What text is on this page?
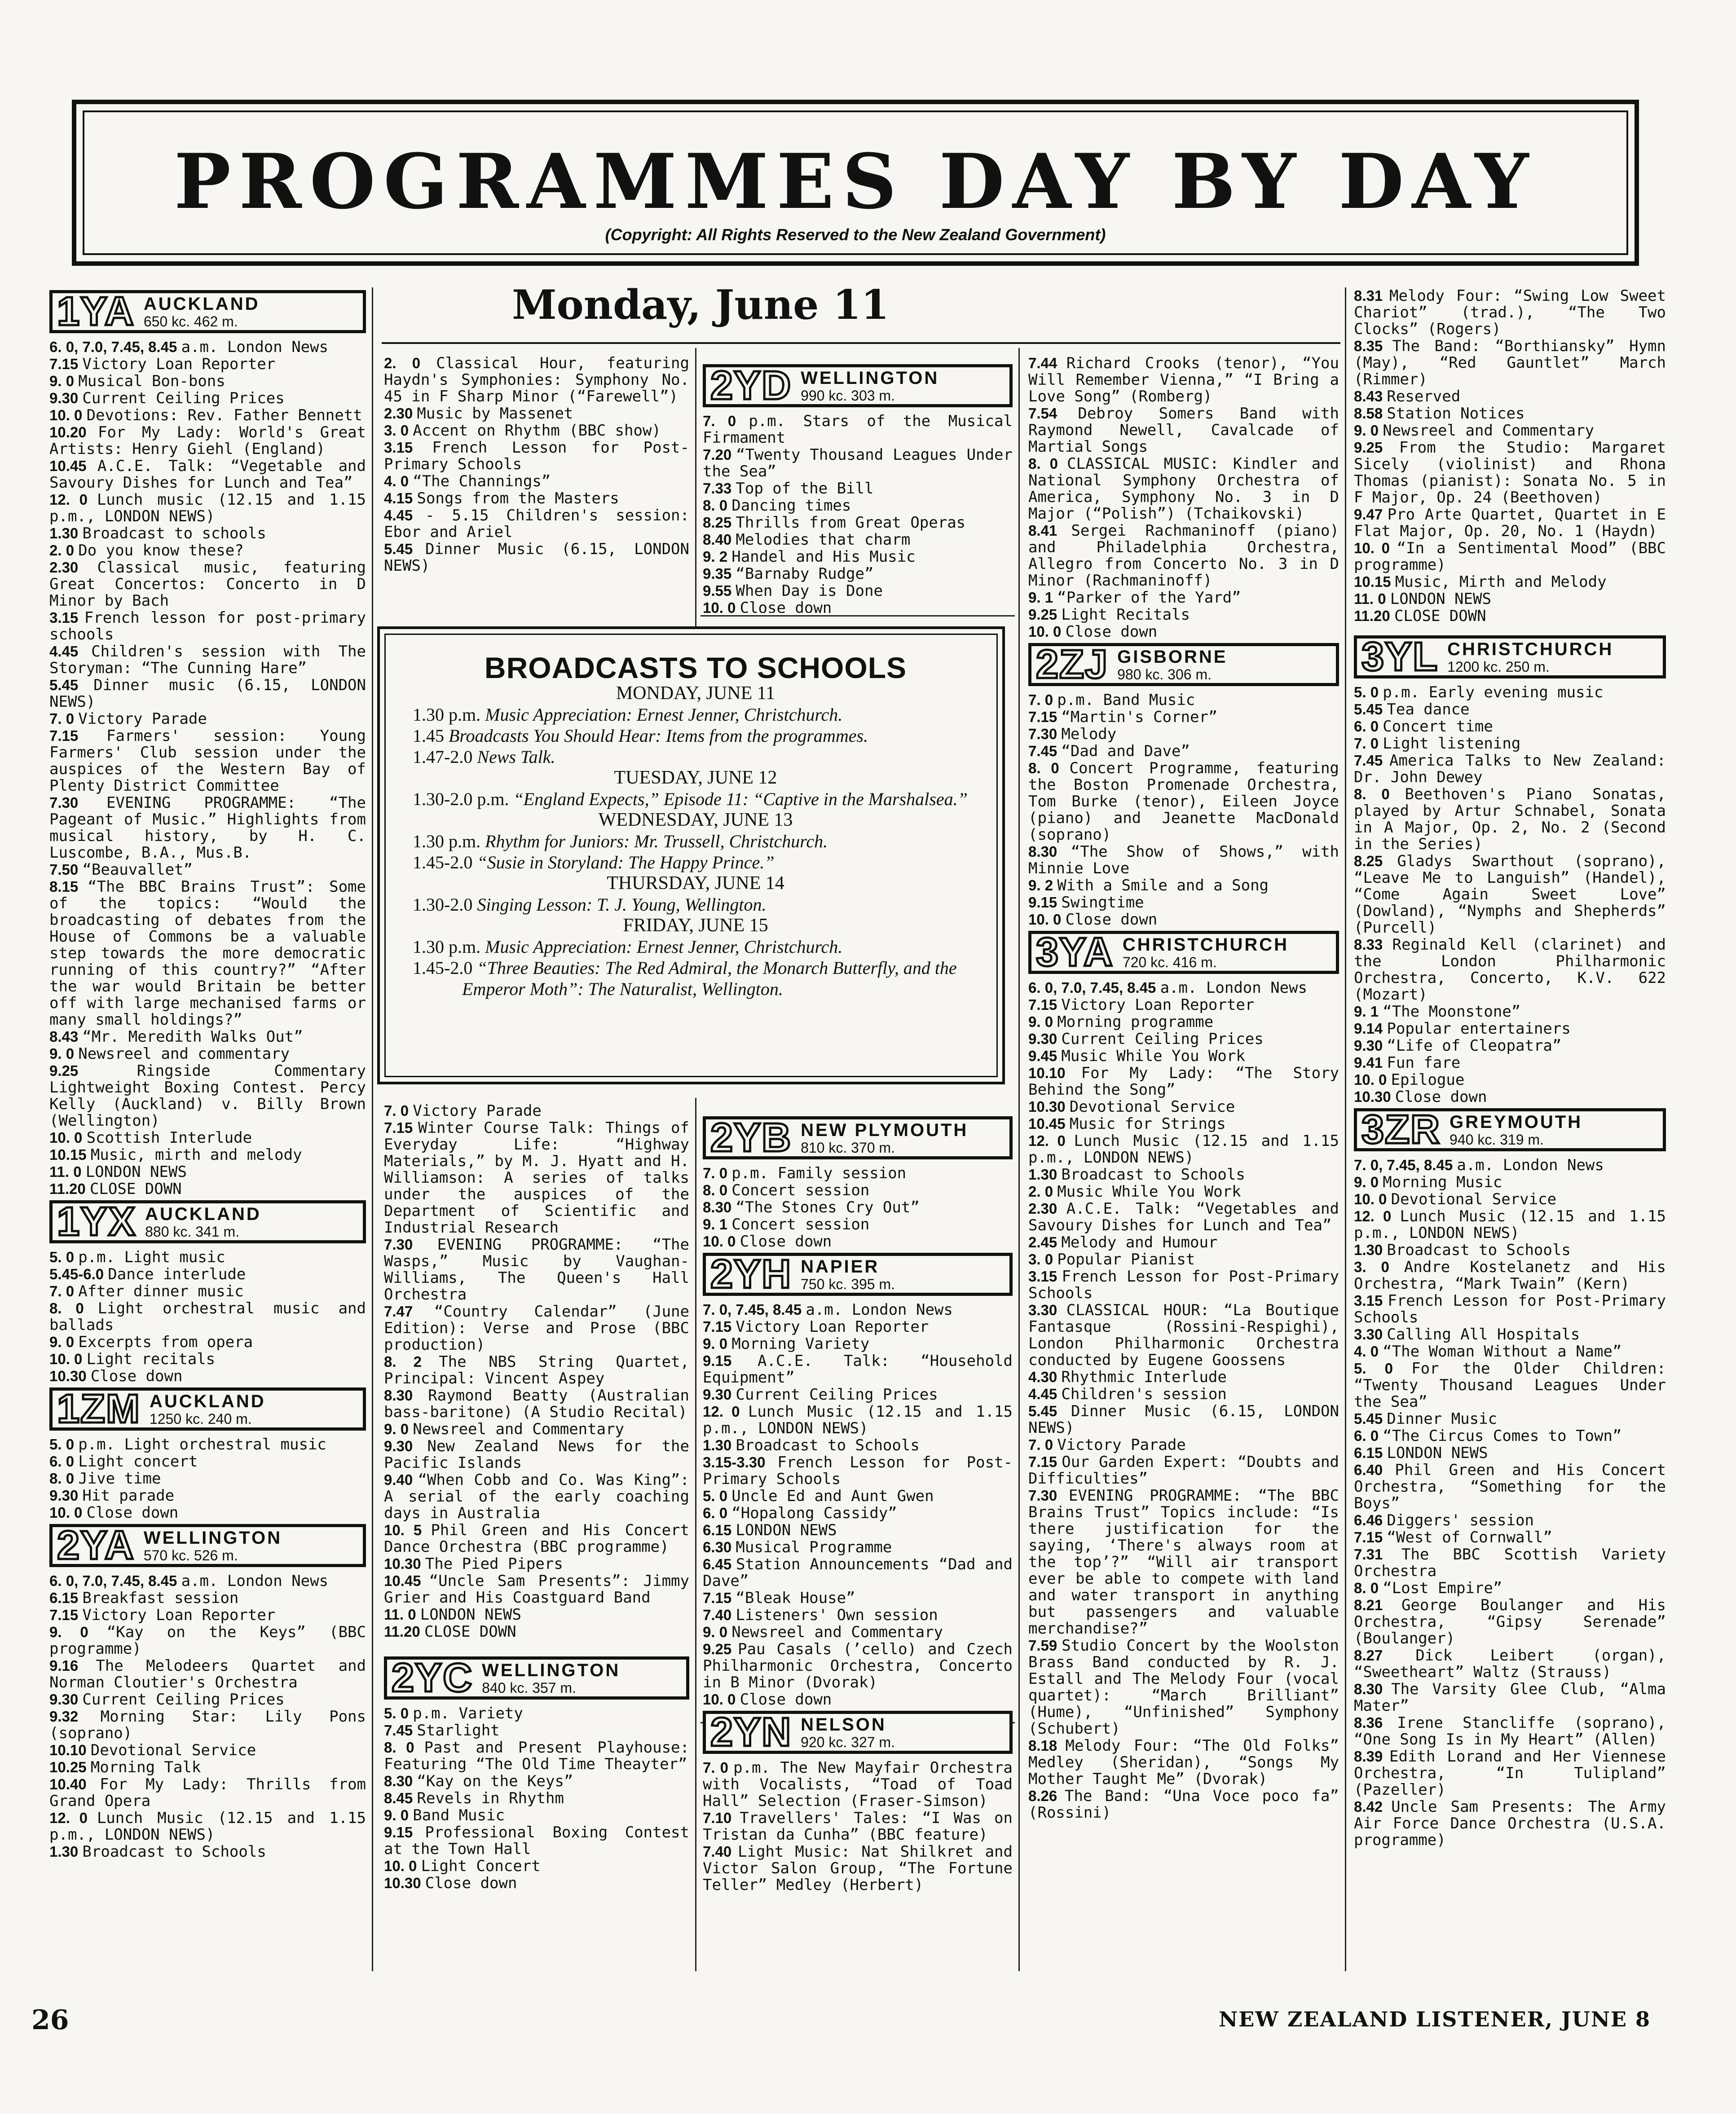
PROGRAMMES DAY BY DAY
(Copyright: All Rights Reserved to the New Zealand Government)
Monday, June 11
1YA AUCKLAND
650 kc. 462 m.

6. 0, 7.0, 7.45, 8.45 a.m. London News

7.15 Victory Loan Reporter

9. 0 Musical Bon-bons

9.30 Current Ceiling Prices

10. 0 Devotions: Rev. Father Bennett

10.20 For My Lady: World's Great Artists: Henry Giehl (England)

10.45 A.C.E. Talk: “Vegetable and Savoury Dishes for Lunch and Tea”

12. 0 Lunch music (12.15 and 1.15 p.m., LONDON NEWS)

1.30 Broadcast to schools

2. 0 Do you know these?

2.30 Classical music, featuring Great Concertos: Concerto in D Minor by Bach

3.15 French lesson for post-primary schools

4.45 Children's session with The Storyman: “The Cunning Hare”

5.45 Dinner music (6.15, LONDON NEWS)

7. 0 Victory Parade

7.15 Farmers' session: Young Farmers' Club session under the auspices of the Western Bay of Plenty District Committee

7.30 EVENING PROGRAMME: “The Pageant of Music.” Highlights from musical history, by H. C. Luscombe, B.A., Mus.B.

7.50 “Beauvallet”

8.15 “The BBC Brains Trust”: Some of the topics: “Would the broadcasting of debates from the House of Commons be a valuable step towards the more democratic running of this country?” “After the war would Britain be better off with large mechanised farms or many small holdings?”

8.43 “Mr. Meredith Walks Out”

9. 0 Newsreel and commentary

9.25 Ringside Commentary Lightweight Boxing Contest. Percy Kelly (Auckland) v. Billy Brown (Wellington)

10. 0 Scottish Interlude

10.15 Music, mirth and melody

11. 0 LONDON NEWS

11.20 CLOSE DOWN

1YX AUCKLAND
880 kc. 341 m.

5. 0 p.m. Light music

5.45-6.0 Dance interlude

7. 0 After dinner music

8. 0 Light orchestral music and ballads

9. 0 Excerpts from opera

10. 0 Light recitals

10.30 Close down

1ZM AUCKLAND
1250 kc. 240 m.

5. 0 p.m. Light orchestral music

6. 0 Light concert

8. 0 Jive time

9.30 Hit parade

10. 0 Close down

2YA WELLINGTON
570 kc. 526 m.

6. 0, 7.0, 7.45, 8.45 a.m. London News

6.15 Breakfast session

7.15 Victory Loan Reporter

9. 0 “Kay on the Keys” (BBC programme)

9.16 The Melodeers Quartet and Norman Cloutier's Orchestra

9.30 Current Ceiling Prices

9.32 Morning Star: Lily Pons (soprano)

10.10 Devotional Service

10.25 Morning Talk

10.40 For My Lady: Thrills from Grand Opera

12. 0 Lunch Music (12.15 and 1.15 p.m., LONDON NEWS)

1.30 Broadcast to Schools

2. 0 Classical Hour, featuring Haydn's Symphonies: Symphony No. 45 in F Sharp Minor (“Farewell”)

2.30 Music by Massenet

3. 0 Accent on Rhythm (BBC show)

3.15 French Lesson for Post-Primary Schools

4. 0 “The Channings”

4.15 Songs from the Masters

4.45 - 5.15 Children's session: Ebor and Ariel

5.45 Dinner Music (6.15, LONDON NEWS)

2YD WELLINGTON
990 kc. 303 m.

7. 0 p.m. Stars of the Musical Firmament

7.20 “Twenty Thousand Leagues Under the Sea”

7.33 Top of the Bill

8. 0 Dancing times

8.25 Thrills from Great Operas

8.40 Melodies that charm

9. 2 Handel and His Music

9.35 “Barnaby Rudge”

9.55 When Day is Done

10. 0 Close down

BROADCASTS TO SCHOOLS
MONDAY, JUNE 11
1.30 p.m. Music Appreciation: Ernest Jenner, Christchurch.
1.45 Broadcasts You Should Hear: Items from the programmes.
1.47-2.0 News Talk.
TUESDAY, JUNE 12
1.30-2.0 p.m. “England Expects,” Episode 11: “Captive in the Marshalsea.”
WEDNESDAY, JUNE 13
1.30 p.m. Rhythm for Juniors: Mr. Trussell, Christchurch.
1.45-2.0 “Susie in Storyland: The Happy Prince.”
THURSDAY, JUNE 14
1.30-2.0 Singing Lesson: T. J. Young, Wellington.
FRIDAY, JUNE 15
1.30 p.m. Music Appreciation: Ernest Jenner, Christchurch.
1.45-2.0 “Three Beauties: The Red Admiral, the Monarch Butterfly, and the Emperor Moth”: The Naturalist, Wellington.

7. 0 Victory Parade

7.15 Winter Course Talk: Things of Everyday Life: “Highway Materials,” by M. J. Hyatt and H. Williamson: A series of talks under the auspices of the Department of Scientific and Industrial Research

7.30 EVENING PROGRAMME: “The Wasps,” Music by Vaughan-Williams, The Queen's Hall Orchestra

7.47 “Country Calendar” (June Edition): Verse and Prose (BBC production)

8. 2 The NBS String Quartet, Principal: Vincent Aspey

8.30 Raymond Beatty (Australian bass-baritone) (A Studio Recital)

9. 0 Newsreel and Commentary

9.30 New Zealand News for the Pacific Islands

9.40 “When Cobb and Co. Was King”: A serial of the early coaching days in Australia

10. 5 Phil Green and His Concert Dance Orchestra (BBC programme)

10.30 The Pied Pipers

10.45 “Uncle Sam Presents”: Jimmy Grier and His Coastguard Band

11. 0 LONDON NEWS

11.20 CLOSE DOWN

2YC WELLINGTON
840 kc. 357 m.

5. 0 p.m. Variety

7.45 Starlight

8. 0 Past and Present Playhouse: Featuring “The Old Time Theayter”

8.30 “Kay on the Keys”

8.45 Revels in Rhythm

9. 0 Band Music

9.15 Professional Boxing Contest at the Town Hall

10. 0 Light Concert

10.30 Close down

2YB NEW PLYMOUTH
810 kc. 370 m.

7. 0 p.m. Family session

8. 0 Concert session

8.30 “The Stones Cry Out”

9. 1 Concert session

10. 0 Close down

2YH NAPIER
750 kc. 395 m.

7. 0, 7.45, 8.45 a.m. London News

7.15 Victory Loan Reporter

9. 0 Morning Variety

9.15 A.C.E. Talk: “Household Equipment”

9.30 Current Ceiling Prices

12. 0 Lunch Music (12.15 and 1.15 p.m., LONDON NEWS)

1.30 Broadcast to Schools

3.15-3.30 French Lesson for Post-Primary Schools

5. 0 Uncle Ed and Aunt Gwen

6. 0 “Hopalong Cassidy”

6.15 LONDON NEWS

6.30 Musical Programme

6.45 Station Announcements “Dad and Dave”

7.15 “Bleak House”

7.40 Listeners' Own session

9. 0 Newsreel and Commentary

9.25 Pau Casals (’cello) and Czech Philharmonic Orchestra, Concerto in B Minor (Dvorak)

10. 0 Close down

2YN NELSON
920 kc. 327 m.

7. 0 p.m. The New Mayfair Orchestra with Vocalists, “Toad of Toad Hall” Selection (Fraser-Simson)

7.10 Travellers' Tales: “I Was on Tristan da Cunha” (BBC feature)

7.40 Light Music: Nat Shilkret and Victor Salon Group, “The Fortune Teller” Medley (Herbert)

7.44 Richard Crooks (tenor), “You Will Remember Vienna,” “I Bring a Love Song” (Romberg)

7.54 Debroy Somers Band with Raymond Newell, Cavalcade of Martial Songs

8. 0 CLASSICAL MUSIC: Kindler and National Symphony Orchestra of America, Symphony No. 3 in D Major (“Polish”) (Tchaikovski)

8.41 Sergei Rachmaninoff (piano) and Philadelphia Orchestra, Allegro from Concerto No. 3 in D Minor (Rachmaninoff)

9. 1 “Parker of the Yard”

9.25 Light Recitals

10. 0 Close down

2ZJ GISBORNE
980 kc. 306 m.

7. 0 p.m. Band Music

7.15 “Martin's Corner”

7.30 Melody

7.45 “Dad and Dave”

8. 0 Concert Programme, featuring the Boston Promenade Orchestra, Tom Burke (tenor), Eileen Joyce (piano) and Jeanette MacDonald (soprano)

8.30 “The Show of Shows,” with Minnie Love

9. 2 With a Smile and a Song

9.15 Swingtime

10. 0 Close down

3YA CHRISTCHURCH
720 kc. 416 m.

6. 0, 7.0, 7.45, 8.45 a.m. London News

7.15 Victory Loan Reporter

9. 0 Morning programme

9.30 Current Ceiling Prices

9.45 Music While You Work

10.10 For My Lady: “The Story Behind the Song”

10.30 Devotional Service

10.45 Music for Strings

12. 0 Lunch Music (12.15 and 1.15 p.m., LONDON NEWS)

1.30 Broadcast to Schools

2. 0 Music While You Work

2.30 A.C.E. Talk: “Vegetables and Savoury Dishes for Lunch and Tea”

2.45 Melody and Humour

3. 0 Popular Pianist

3.15 French Lesson for Post-Primary Schools

3.30 CLASSICAL HOUR: “La Boutique Fantasque (Rossini-Respighi), London Philharmonic Orchestra conducted by Eugene Goossens

4.30 Rhythmic Interlude

4.45 Children's session

5.45 Dinner Music (6.15, LONDON NEWS)

7. 0 Victory Parade

7.15 Our Garden Expert: “Doubts and Difficulties”

7.30 EVENING PROGRAMME: “The BBC Brains Trust” Topics include: “Is there justification for the saying, ‘There's always room at the top’?” “Will air transport ever be able to compete with land and water transport in anything but passengers and valuable merchandise?”

7.59 Studio Concert by the Woolston Brass Band conducted by R. J. Estall and The Melody Four (vocal quartet): “March Brilliant” (Hume), “Unfinished” Symphony (Schubert)

8.18 Melody Four: “The Old Folks” Medley (Sheridan), “Songs My Mother Taught Me” (Dvorak)

8.26 The Band: “Una Voce poco fa” (Rossini)

8.31 Melody Four: “Swing Low Sweet Chariot” (trad.), “The Two Clocks” (Rogers)

8.35 The Band: “Borthiansky” Hymn (May), “Red Gauntlet” March (Rimmer)

8.43 Reserved

8.58 Station Notices

9. 0 Newsreel and Commentary

9.25 From the Studio: Margaret Sicely (violinist) and Rhona Thomas (pianist): Sonata No. 5 in F Major, Op. 24 (Beethoven)

9.47 Pro Arte Quartet, Quartet in E Flat Major, Op. 20, No. 1 (Haydn)

10. 0 “In a Sentimental Mood” (BBC programme)

10.15 Music, Mirth and Melody

11. 0 LONDON NEWS

11.20 CLOSE DOWN

3YL CHRISTCHURCH
1200 kc. 250 m.

5. 0 p.m. Early evening music

5.45 Tea dance

6. 0 Concert time

7. 0 Light listening

7.45 America Talks to New Zealand: Dr. John Dewey

8. 0 Beethoven's Piano Sonatas, played by Artur Schnabel, Sonata in A Major, Op. 2, No. 2 (Second in the Series)

8.25 Gladys Swarthout (soprano), “Leave Me to Languish” (Handel), “Come Again Sweet Love” (Dowland), “Nymphs and Shepherds” (Purcell)

8.33 Reginald Kell (clarinet) and the London Philharmonic Orchestra, Concerto, K.V. 622 (Mozart)

9. 1 “The Moonstone”

9.14 Popular entertainers

9.30 “Life of Cleopatra”

9.41 Fun fare

10. 0 Epilogue

10.30 Close down

3ZR GREYMOUTH
940 kc. 319 m.

7. 0, 7.45, 8.45 a.m. London News

9. 0 Morning Music

10. 0 Devotional Service

12. 0 Lunch Music (12.15 and 1.15 p.m., LONDON NEWS)

1.30 Broadcast to Schools

3. 0 Andre Kostelanetz and His Orchestra, “Mark Twain” (Kern)

3.15 French Lesson for Post-Primary Schools

3.30 Calling All Hospitals

4. 0 “The Woman Without a Name”

5. 0 For the Older Children: “Twenty Thousand Leagues Under the Sea”

5.45 Dinner Music

6. 0 “The Circus Comes to Town”

6.15 LONDON NEWS

6.40 Phil Green and His Concert Orchestra, “Something for the Boys”

6.46 Diggers' session

7.15 “West of Cornwall”

7.31 The BBC Scottish Variety Orchestra

8. 0 “Lost Empire”

8.21 George Boulanger and His Orchestra, “Gipsy Serenade” (Boulanger)

8.27 Dick Leibert (organ), “Sweetheart” Waltz (Strauss)

8.30 The Varsity Glee Club, “Alma Mater”

8.36 Irene Stancliffe (soprano), “One Song Is in My Heart” (Allen)

8.39 Edith Lorand and Her Viennese Orchestra, “In Tulipland” (Pazeller)

8.42 Uncle Sam Presents: The Army Air Force Dance Orchestra (U.S.A. programme)

26	NEW ZEALAND LISTENER, JUNE 8
